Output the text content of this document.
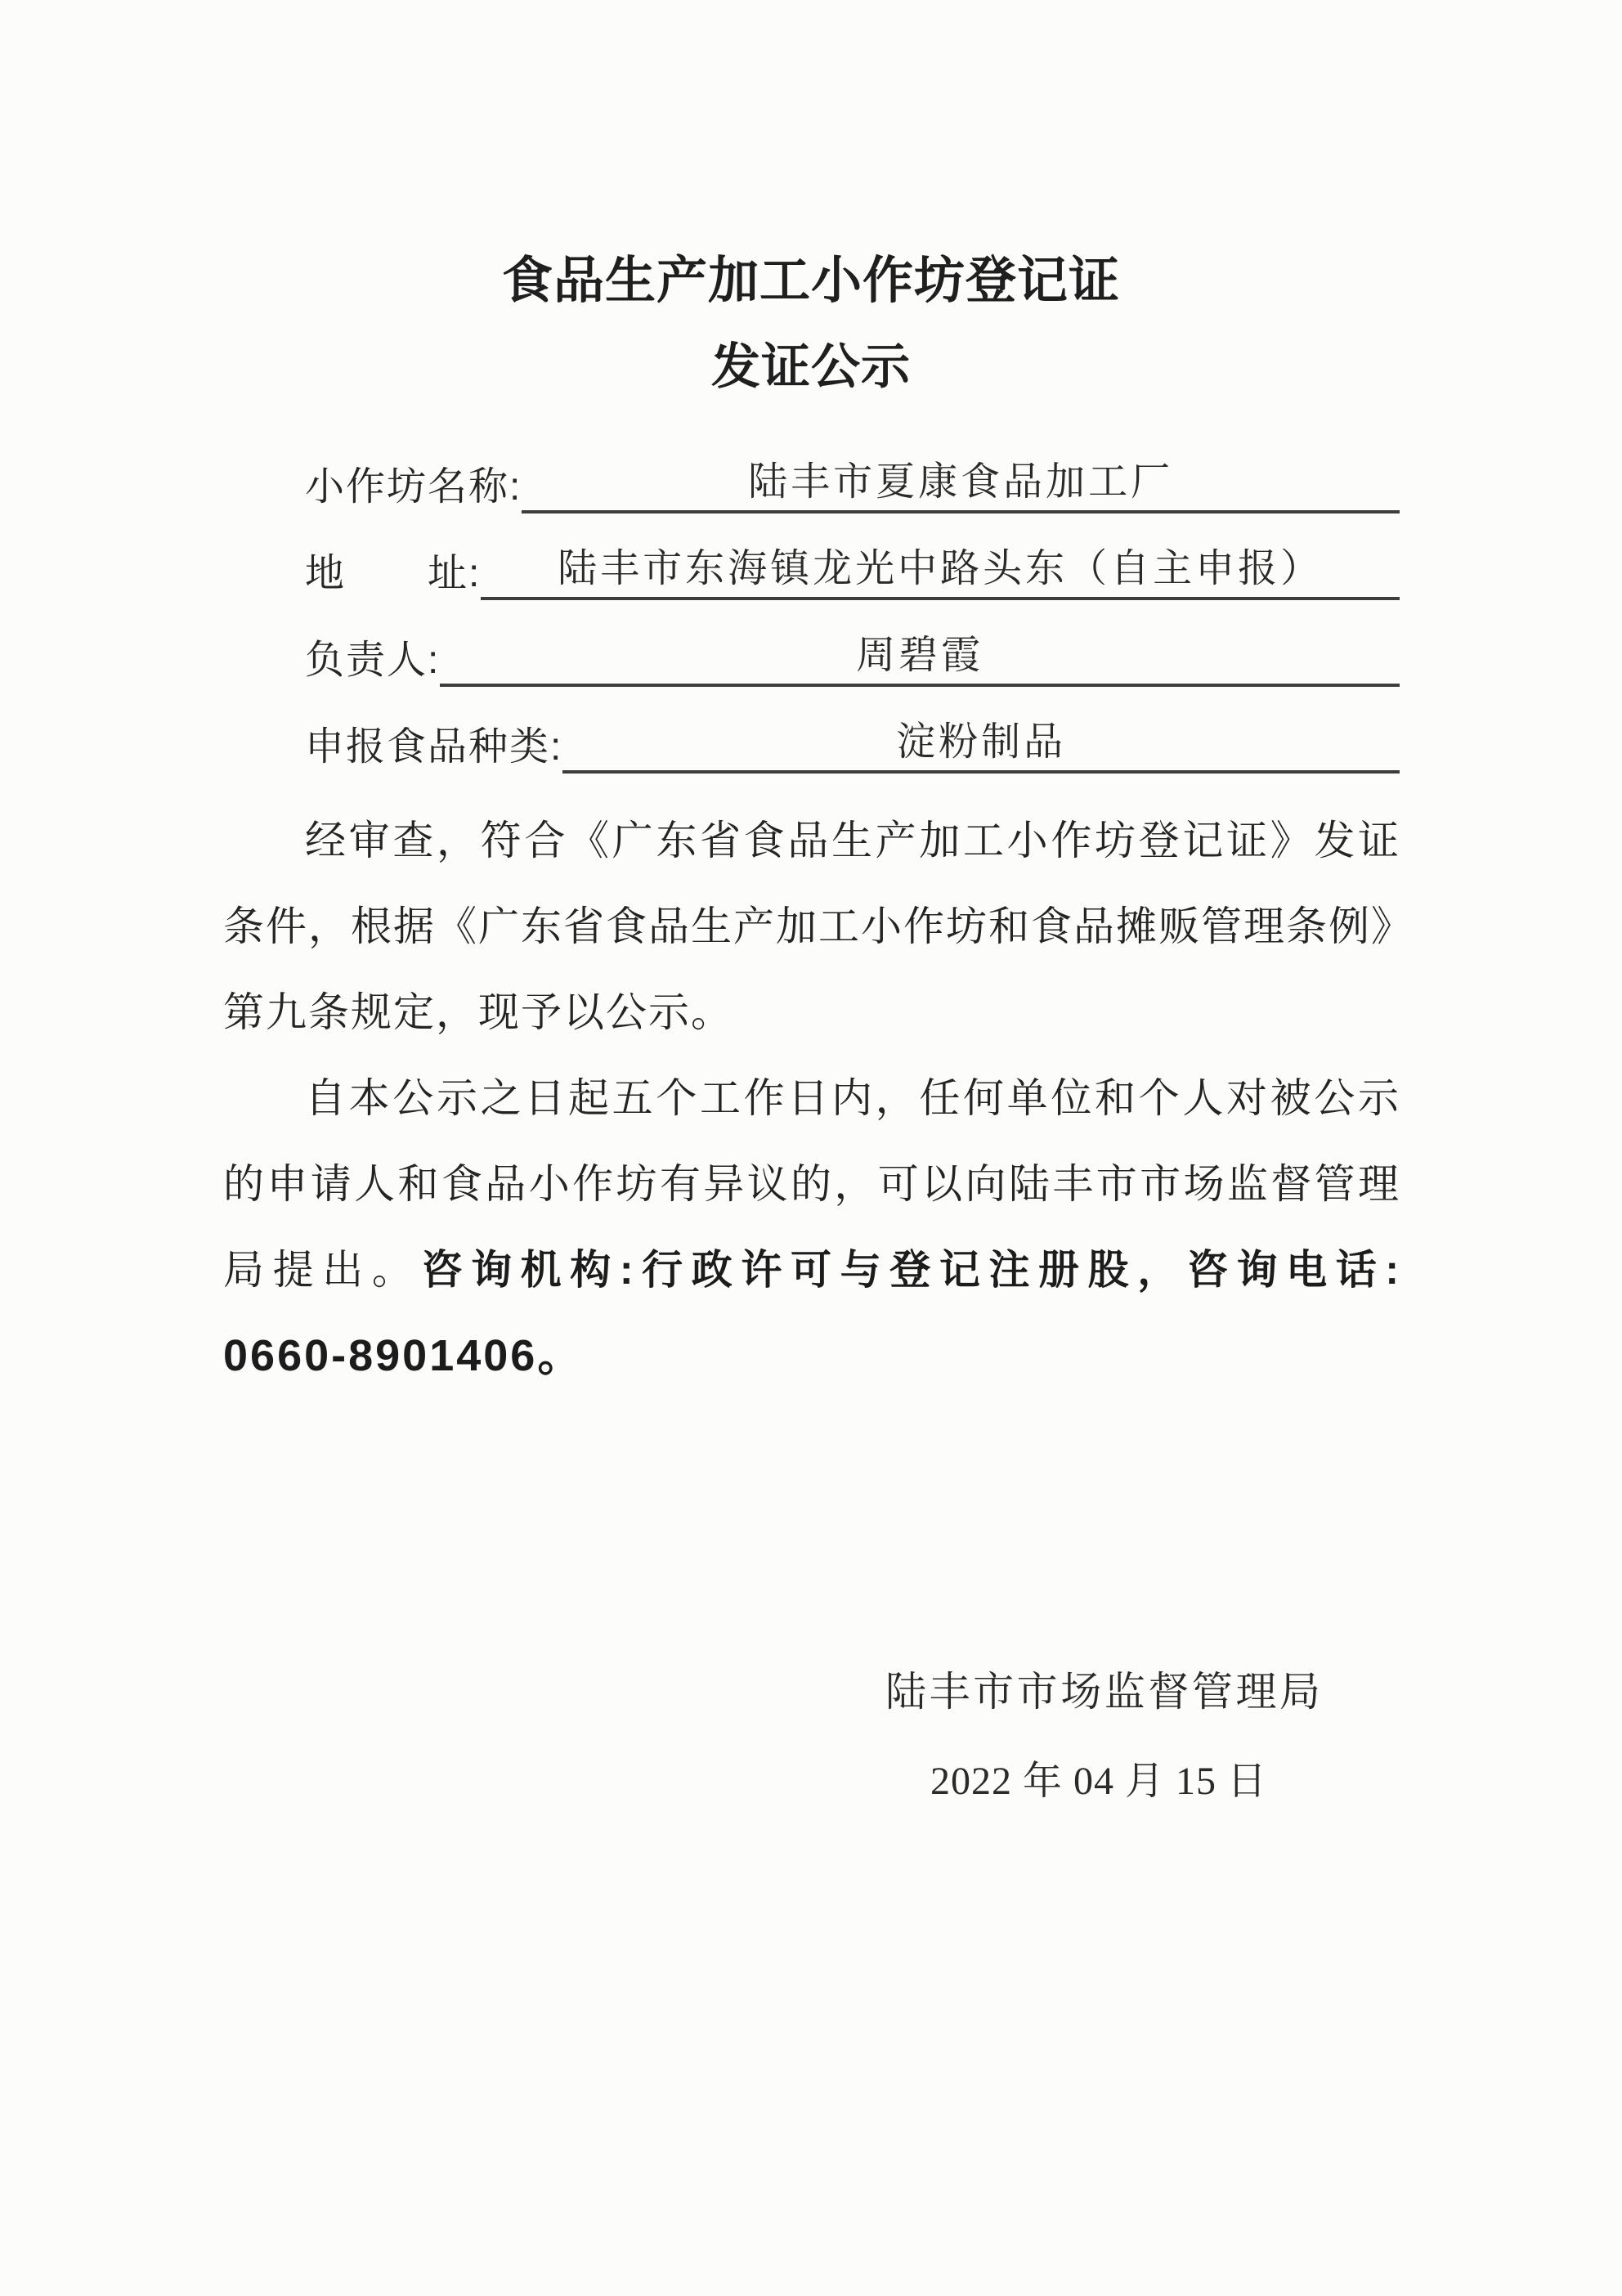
食品生产加工小作坊登记证
发证公示
小作坊名称:	陆丰市夏康食品加工厂
地　　址: 陆丰市东海镇龙光中路头东（自主申报）
负责人:	周碧霞
申报食品种类:	淀粉制品
经审查，符合《广东省食品生产加工小作坊登记证》发证
条件，根据《广东省食品生产加工小作坊和食品摊贩管理条例》
第九条规定，现予以公示。
自本公示之日起五个工作日内，任何单位和个人对被公示
的申请人和食品小作坊有异议的，可以向陆丰市市场监督管理
局提出。咨询机构:行政许可与登记注册股，咨询电话:
0660-8901406。
陆丰市市场监督管理局
2022 年 04 月 15 日
